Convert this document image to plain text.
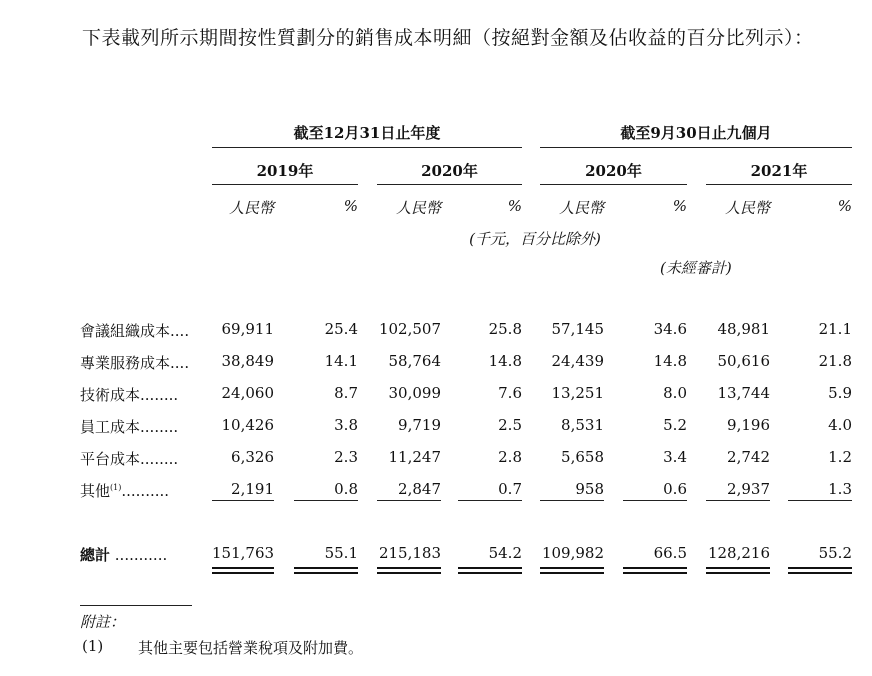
下表載列所示期間按性質劃分的銷售成本明細（按絕對金額及佔收益的百分比列示）：
截至12月31日止年度	截至9月30日止九個月
2019年	2020年	2020年	2021年
人民幣	%	人民幣	%	人民幣	%	人民幣	%
(千元，百分比除外)
(未經審計)
會議組織成本....	69,911	25.4 102,507	25.8	57,145	34.6	48,981	21.1
專業服務成本....	38,849	14.1	58,764	14.8	24,439	14.8	50,616	21.8
技術成本........	24,060	8.7	30,099	7.6	13,251	8.0	13,744	5.9
員工成本........	10,426	3.8	9,719	2.5	8,531	5.2	9,196	4.0
平台成本........	6,326	2.3	11,247	2.8	5,658	3.4	2,742	1.2
其他$^{(1)}$..........	2,191	0.8	2,847	0.7	958	0.6	2,937	1.3
總計 ...........	151,763	55.1 215,183	54.2 109,982	66.5 128,216	55.2
附註：
(1) 其他主要包括營業稅項及附加費。
